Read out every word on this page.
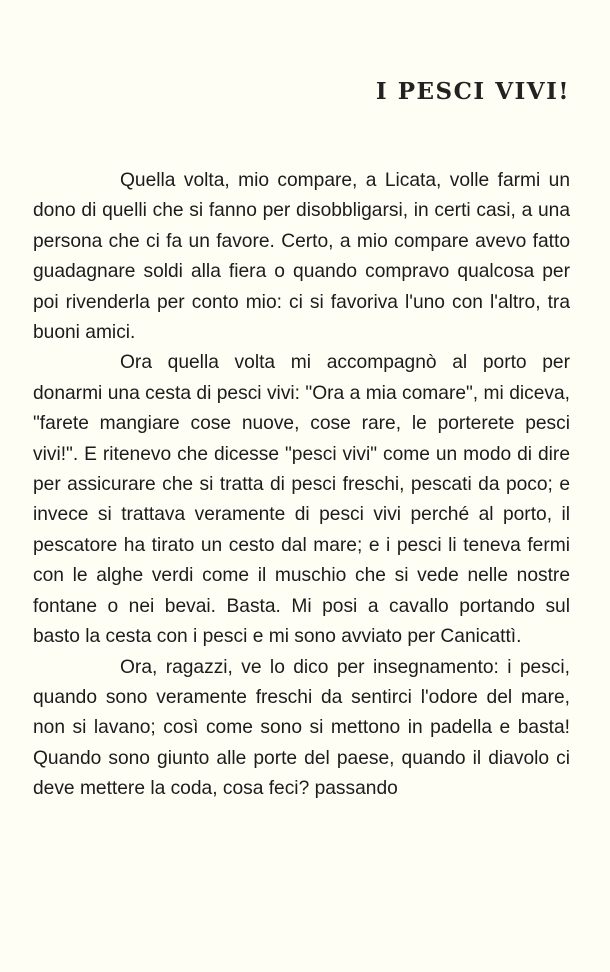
I PESCI VIVI!

Quella volta, mio compare, a Licata, volle farmi un dono di quelli che si fanno per disobbligarsi, in certi casi, a una persona che ci fa un favore. Certo, a mio compare avevo fatto guadagnare soldi alla fiera o quando compravo qualcosa per poi rivenderla per conto mio: ci si favoriva l'uno con l'altro, tra buoni amici.

Ora quella volta mi accompagnò al porto per donarmi una cesta di pesci vivi: "Ora a mia comare", mi diceva, "farete mangiare cose nuove, cose rare, le porterete pesci vivi!". E ritenevo che dicesse "pesci vivi" come un modo di dire per assicurare che si tratta di pesci freschi, pescati da poco; e invece si trattava veramente di pesci vivi perché al porto, il pescatore ha tirato un cesto dal mare; e i pesci li teneva fermi con le alghe verdi come il muschio che si vede nelle nostre fontane o nei bevai. Basta. Mi posi a cavallo portando sul basto la cesta con i pesci e mi sono avviato per Canicattì.

Ora, ragazzi, ve lo dico per insegnamento: i pesci, quando sono veramente freschi da sentirci l'odore del mare, non si lavano; così come sono si mettono in padella e basta! Quando sono giunto alle porte del paese, quando il diavolo ci deve mettere la coda, cosa feci? passando
